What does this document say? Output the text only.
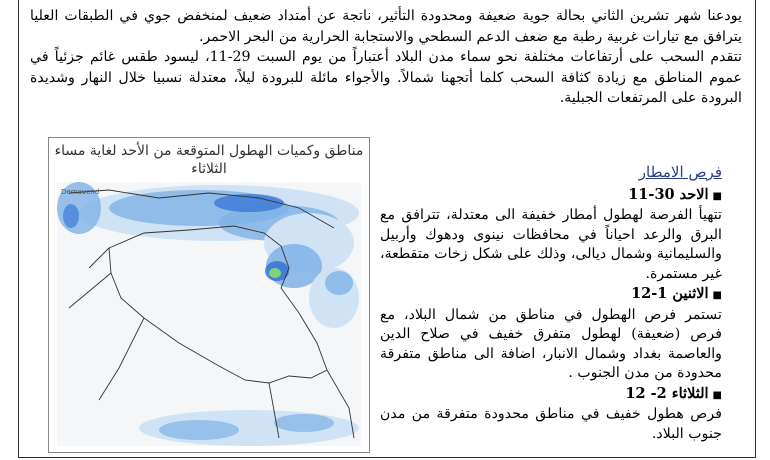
يودعنا شهر تشرين الثاني بحالة جوية ضعيفة ومحدودة التأثير، ناتجة عن أمتداد ضعيف لمنخفض جوي في الطبقات العليا يترافق مع تيارات غربية رطبة مع ضعف الدعم السطحي والاستجابة الحرارية من البحر الاحمر.

تتقدم السحب على أرتفاعات مختلفة نحو سماء مدن البلاد أعتباراً من يوم السبت 29-11، ليسود طقس غائم جزئياً في عموم المناطق مع زيادة كثافة السحب كلما أتجهنا شمالاً. والأجواء مائلة للبرودة ليلاً، معتدلة نسبيا خلال النهار وشديدة البرودة على المرتفعات الجبلية.

مناطق وكميات الهطول المتوقعة من الأحد لغاية مساء الثلاثاء
Demavend

فرص الامطار

■الاحد 30-11

تتهيأ الفرصة لهطول أمطار خفيفة الى معتدلة، تترافق مع البرق والرعد احياناً في محافظات نينوى ودهوك وأربيل والسليمانية وشمال ديالى، وذلك على شكل زخات متقطعة، غير مستمرة.

■الاثنين 1-12

تستمر فرص الهطول في مناطق من شمال البلاد، مع فرص (ضعيفة) لهطول متفرق خفيف في صلاح الدين والعاصمة بغداد وشمال الانبار، اضافة الى مناطق متفرقة محدودة من مدن الجنوب .

■الثلاثاء 2- 12

فرص هطول خفيف في مناطق محدودة متفرقة من مدن جنوب البلاد.
